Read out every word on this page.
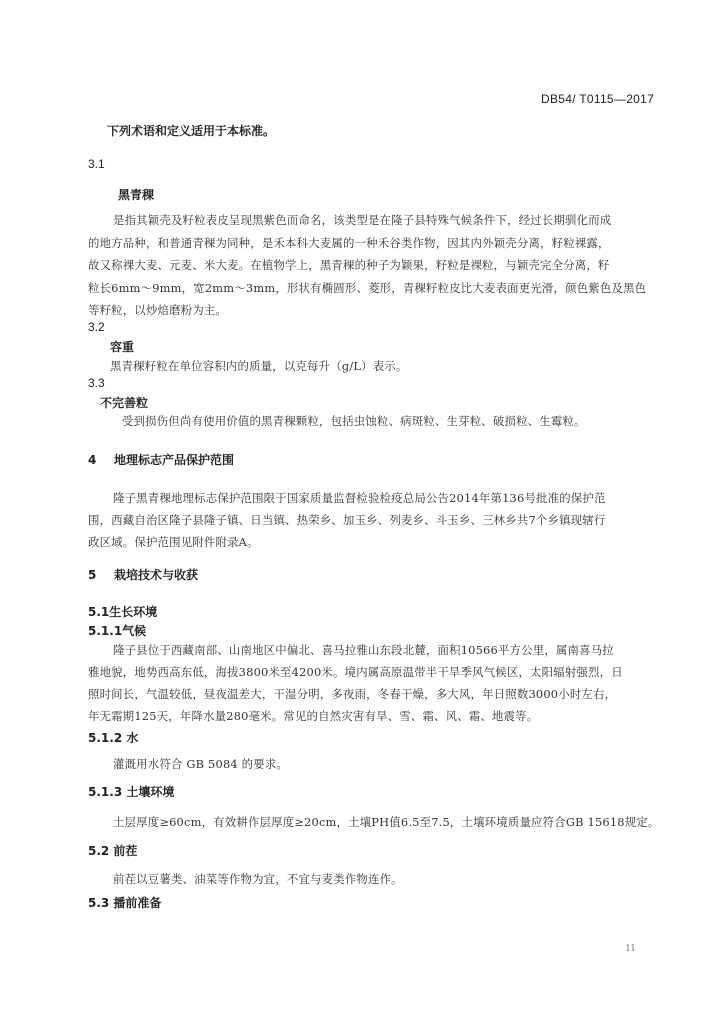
DB54/ T0115—2017
下列术语和定义适用于本标准。
3.1
黑青稞
是指其颖壳及籽粒表皮呈现黑紫色而命名，该类型是在隆子县特殊气候条件下，经过长期驯化而成
的地方品种，和普通青稞为同种，是禾本科大麦属的一种禾谷类作物，因其内外颖壳分离，籽粒裸露，
故又称裸大麦、元麦、米大麦。在植物学上，黑青稞的种子为颖果，籽粒是裸粒，与颖壳完全分离，籽
粒长6mm～9mm，宽2mm～3mm，形状有椭圆形、菱形，青稞籽粒皮比大麦表面更光滑，颜色紫色及黑色
等籽粒，以炒焙磨粉为主。
3.2
容重
黑青稞籽粒在单位容积内的质量，以克每升（g/L）表示。
3.3
不完善粒
受到损伤但尚有使用价值的黑青稞颗粒，包括虫蚀粒、病斑粒、生芽粒、破损粒、生霉粒。
4 地理标志产品保护范围
隆子黑青稞地理标志保护范围限于国家质量监督检验检疫总局公告2014年第136号批准的保护范
围，西藏自治区隆子县隆子镇、日当镇、热荣乡、加玉乡、列麦乡、斗玉乡、三林乡共7个乡镇现辖行
政区域。保护范围见附件附录A。
5 栽培技术与收获
5.1生长环境
5.1.1气候
隆子县位于西藏南部、山南地区中偏北、喜马拉雅山东段北麓，面积10566平方公里，属南喜马拉
雅地貌，地势西高东低，海拔3800米至4200米。境内属高原温带半干旱季风气候区，太阳辐射强烈，日
照时间长，气温较低，昼夜温差大，干湿分明，多夜雨，冬春干燥，多大风，年日照数3000小时左右，
年无霜期125天，年降水量280毫米。常见的自然灾害有旱、雪、霜、风、霜、地震等。
5.1.2 水
灌溉用水符合 GB 5084 的要求。
5.1.3 土壤环境
土层厚度≥60cm，有效耕作层厚度≥20cm，土壤PH值6.5至7.5，土壤环境质量应符合GB 15618规定。
5.2 前茬
前茬以豆薯类、油菜等作物为宜，不宜与麦类作物连作。
5.3 播前准备
11
